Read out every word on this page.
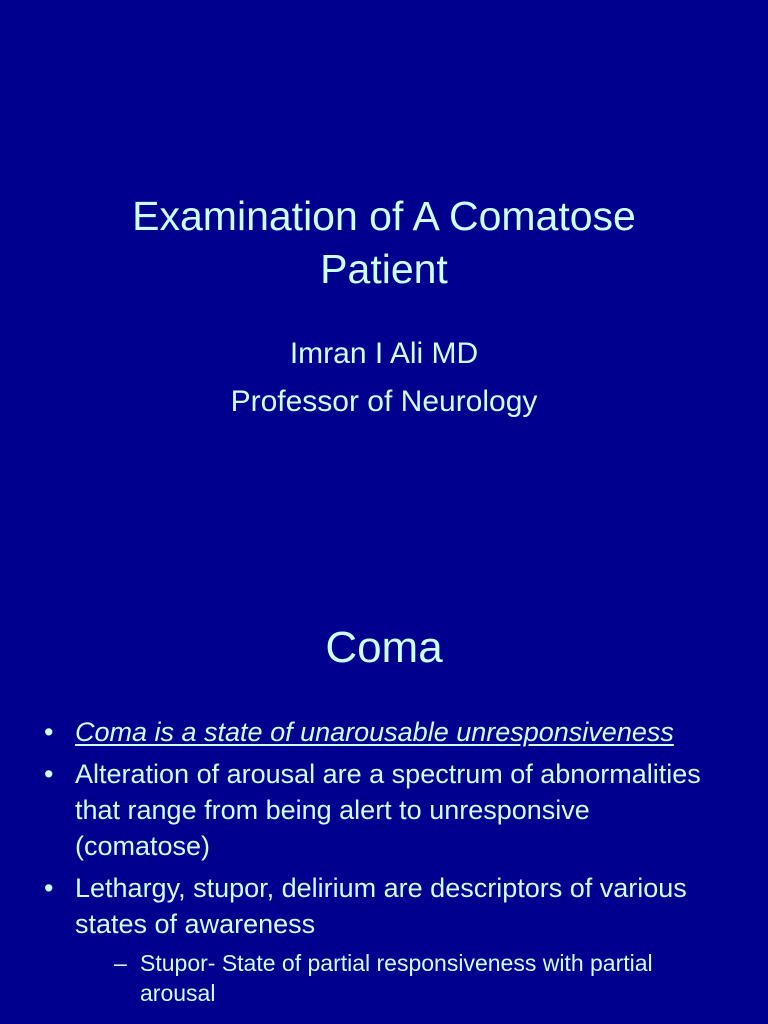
Examination of A Comatose
Patient

Imran I Ali MD

Professor of Neurology

Coma
• Coma is a state of unarousable unresponsiveness
• Alteration of arousal are a spectrum of abnormalities that range from being alert to unresponsive (comatose)
• Lethargy, stupor, delirium are descriptors of various states of awareness
– Stupor- State of partial responsiveness with partial arousal
